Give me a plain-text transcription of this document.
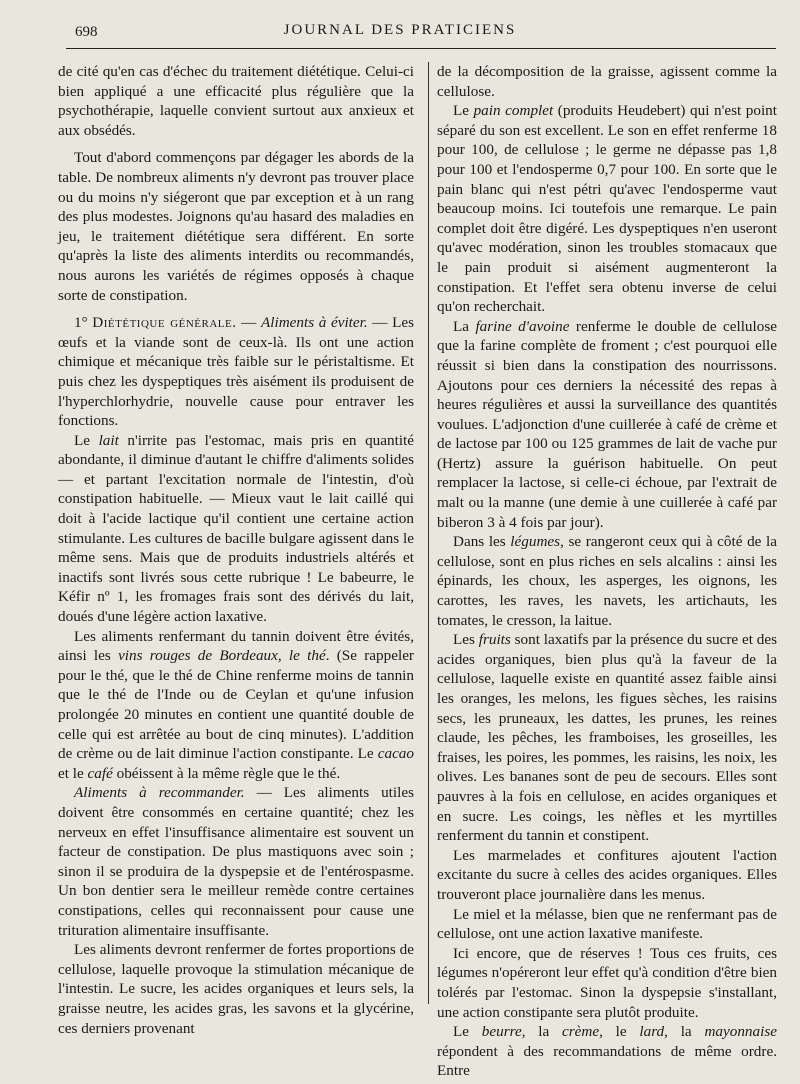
698	JOURNAL DES PRATICIENS

de cité qu'en cas d'échec du traitement diététique. Celui-ci bien appliqué a une efficacité plus régulière que la psychothérapie, laquelle convient surtout aux anxieux et aux obsédés.

Tout d'abord commençons par dégager les abords de la table. De nombreux aliments n'y devront pas trouver place ou du moins n'y siégeront que par exception et à un rang des plus modestes. Joignons qu'au hasard des maladies en jeu, le traitement diététique sera différent. En sorte qu'après la liste des aliments interdits ou recommandés, nous aurons les variétés de régimes opposés à chaque sorte de constipation.

1° Diététique générale. — Aliments à éviter. — Les œufs et la viande sont de ceux-là. Ils ont une action chimique et mécanique très faible sur le péristaltisme. Et puis chez les dyspeptiques très aisément ils produisent de l'hyperchlorhydrie, nouvelle cause pour entraver les fonctions.

Le lait n'irrite pas l'estomac, mais pris en quantité abondante, il diminue d'autant le chiffre d'aliments solides — et partant l'excitation normale de l'intestin, d'où constipation habituelle. — Mieux vaut le lait caillé qui doit à l'acide lactique qu'il contient une certaine action stimulante. Les cultures de bacille bulgare agissent dans le même sens. Mais que de produits industriels altérés et inactifs sont livrés sous cette rubrique ! Le babeurre, le Kéfir nº 1, les fromages frais sont des dérivés du lait, doués d'une légère action laxative.

Les aliments renfermant du tannin doivent être évités, ainsi les vins rouges de Bordeaux, le thé. (Se rappeler pour le thé, que le thé de Chine renferme moins de tannin que le thé de l'Inde ou de Ceylan et qu'une infusion prolongée 20 minutes en contient une quantité double de celle qui est arrêtée au bout de cinq minutes). L'addition de crème ou de lait diminue l'action constipante. Le cacao et le café obéissent à la même règle que le thé.

Aliments à recommander. — Les aliments utiles doivent être consommés en certaine quantité; chez les nerveux en effet l'insuffisance alimentaire est souvent un facteur de constipation. De plus mastiquons avec soin ; sinon il se produira de la dyspepsie et de l'entérospasme. Un bon dentier sera le meilleur remède contre certaines constipations, celles qui reconnaissent pour cause une trituration alimentaire insuffisante.

Les aliments devront renfermer de fortes proportions de cellulose, laquelle provoque la stimulation mécanique de l'intestin. Le sucre, les acides organiques et leurs sels, la graisse neutre, les acides gras, les savons et la glycérine, ces derniers provenant

de la décomposition de la graisse, agissent comme la cellulose.

Le pain complet (produits Heudebert) qui n'est point séparé du son est excellent. Le son en effet renferme 18 pour 100, de cellulose ; le germe ne dépasse pas 1,8 pour 100 et l'endosperme 0,7 pour 100. En sorte que le pain blanc qui n'est pétri qu'avec l'endosperme vaut beaucoup moins. Ici toutefois une remarque. Le pain complet doit être digéré. Les dyspeptiques n'en useront qu'avec modération, sinon les troubles stomacaux que le pain produit si aisément augmenteront la constipation. Et l'effet sera obtenu inverse de celui qu'on recherchait.

La farine d'avoine renferme le double de cellulose que la farine complète de froment ; c'est pourquoi elle réussit si bien dans la constipation des nourrissons. Ajoutons pour ces derniers la nécessité des repas à heures régulières et aussi la surveillance des quantités voulues. L'adjonction d'une cuillerée à café de crème et de lactose par 100 ou 125 grammes de lait de vache pur (Hertz) assure la guérison habituelle. On peut remplacer la lactose, si celle-ci échoue, par l'extrait de malt ou la manne (une demie à une cuillerée à café par biberon 3 à 4 fois par jour).

Dans les légumes, se rangeront ceux qui à côté de la cellulose, sont en plus riches en sels alcalins : ainsi les épinards, les choux, les asperges, les oignons, les carottes, les raves, les navets, les artichauts, les tomates, le cresson, la laitue.

Les fruits sont laxatifs par la présence du sucre et des acides organiques, bien plus qu'à la faveur de la cellulose, laquelle existe en quantité assez faible ainsi les oranges, les melons, les figues sèches, les raisins secs, les pruneaux, les dattes, les prunes, les reines claude, les pêches, les framboises, les groseilles, les fraises, les poires, les pommes, les raisins, les noix, les olives. Les bananes sont de peu de secours. Elles sont pauvres à la fois en cellulose, en acides organiques et en sucre. Les coings, les nèfles et les myrtilles renferment du tannin et constipent.

Les marmelades et confitures ajoutent l'action excitante du sucre à celles des acides organiques. Elles trouveront place journalière dans les menus.

Le miel et la mélasse, bien que ne renfermant pas de cellulose, ont une action laxative manifeste.

Ici encore, que de réserves ! Tous ces fruits, ces légumes n'opéreront leur effet qu'à condition d'être bien tolérés par l'estomac. Sinon la dyspepsie s'installant, une action constipante sera plutôt produite.

Le beurre, la crème, le lard, la mayonnaise répondent à des recommandations de même ordre. Entre
